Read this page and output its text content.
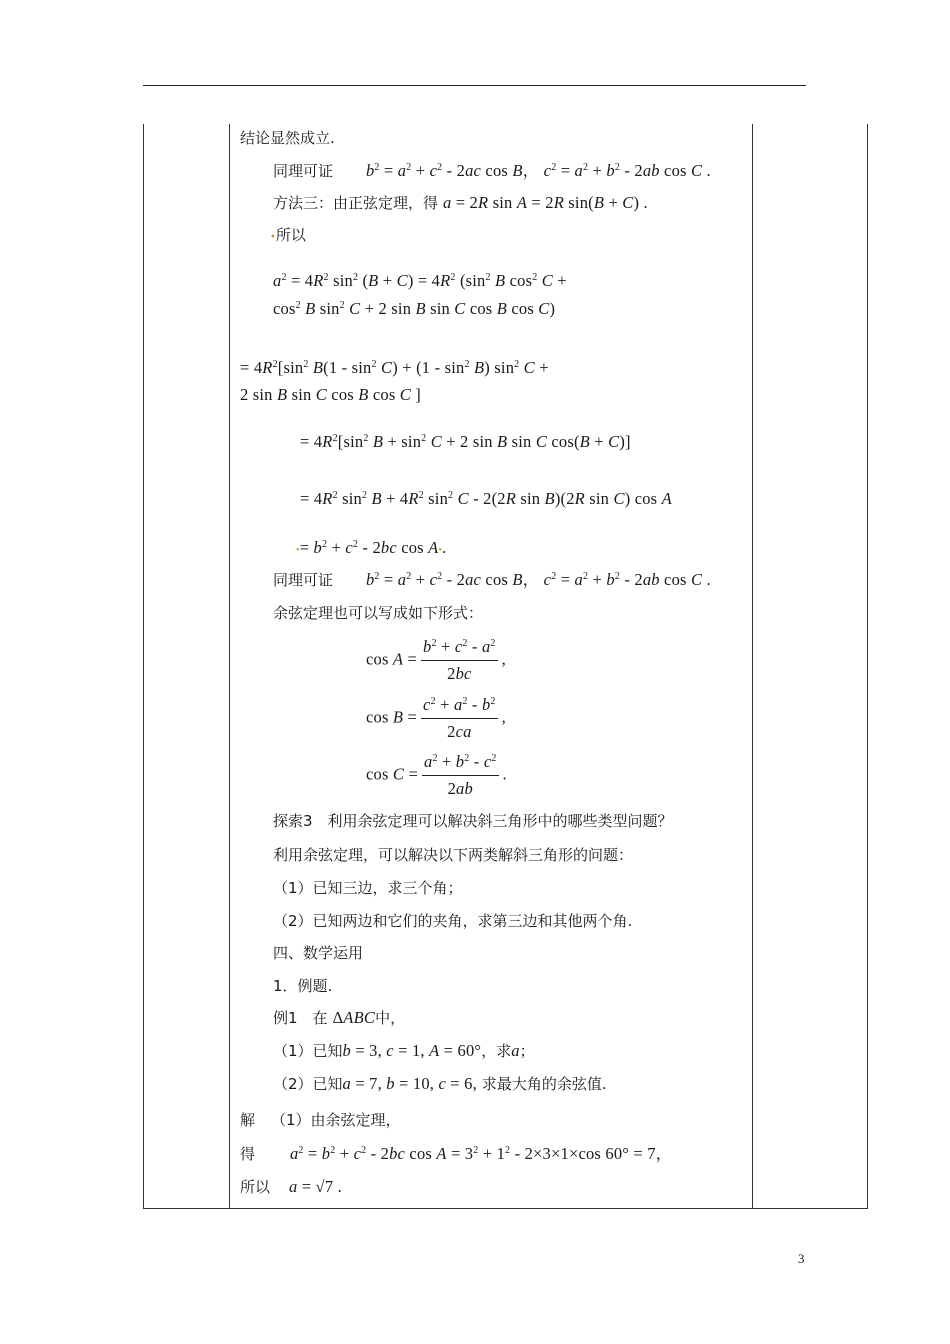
结论显然成立.
同理可证 $b^2 = a^2 + c^2 - 2ac$ cos B， $c^2 = a^2 + b^2 - 2ab$ cos C .
方法三：由正弦定理，得 a = 2R sin A = 2R sin(B + C) .
•所以
$a^2 = 4R^2$ $\sin^2 (B + C) = 4R^2$ ($\sin^2$ B $\cos^2 C$ +
$\cos^2 B$ $\sin^2 C + 2$ sin B sin C cos B cos C)
= $4R^2[\sin^2$ $B(1 - \sin^2 C) + (1 - \sin^2 B)$ $\sin^2 C$ +
2 sin B sin C cos B cos C ]
= $4R^2[\sin^2$ $B + \sin^2 C + 2$ sin B sin C cos(B + C)]
= $4R^2$ $\sin^2 B + 4R^2$ $\sin^2 C - 2(2R$ sin B)(2R sin C) cos A
•= $b^2 + c^2 - 2bc$ cos A•.
同理可证 $b^2 = a^2 + c^2 - 2ac$ cos B， $c^2 = a^2 + b^2 - 2ab$ cos C .
余弦定理也可以写成如下形式：
$\cos A = \frac{b^2 + c^2 - a^2}{2bc}$ ,
$\cos B = \frac{c^2 + a^2 - b^2}{2ca}$ ,
$\cos C = \frac{a^2 + b^2 - c^2}{2ab}$ .
探索3　利用余弦定理可以解决斜三角形中的哪些类型问题？
利用余弦定理，可以解决以下两类解斜三角形的问题：
（1）已知三边，求三个角；
（2）已知两边和它们的夹角，求第三边和其他两个角.
四、数学运用
1．例题.
例1　在 ΔABC中，
（1）已知b = 3, c = 1, A = 60°，求a；
（2）已知a = 7, b = 10, c = 6, 求最大角的余弦值.
解 （1）由余弦定理，
得 $a^2 = b^2 + c^2 - 2bc$ $\cos A = 3^2 + 1^2 - 2\times 3\times 1\times\cos$ 60° = 7，
所以 a = √7 .
3
